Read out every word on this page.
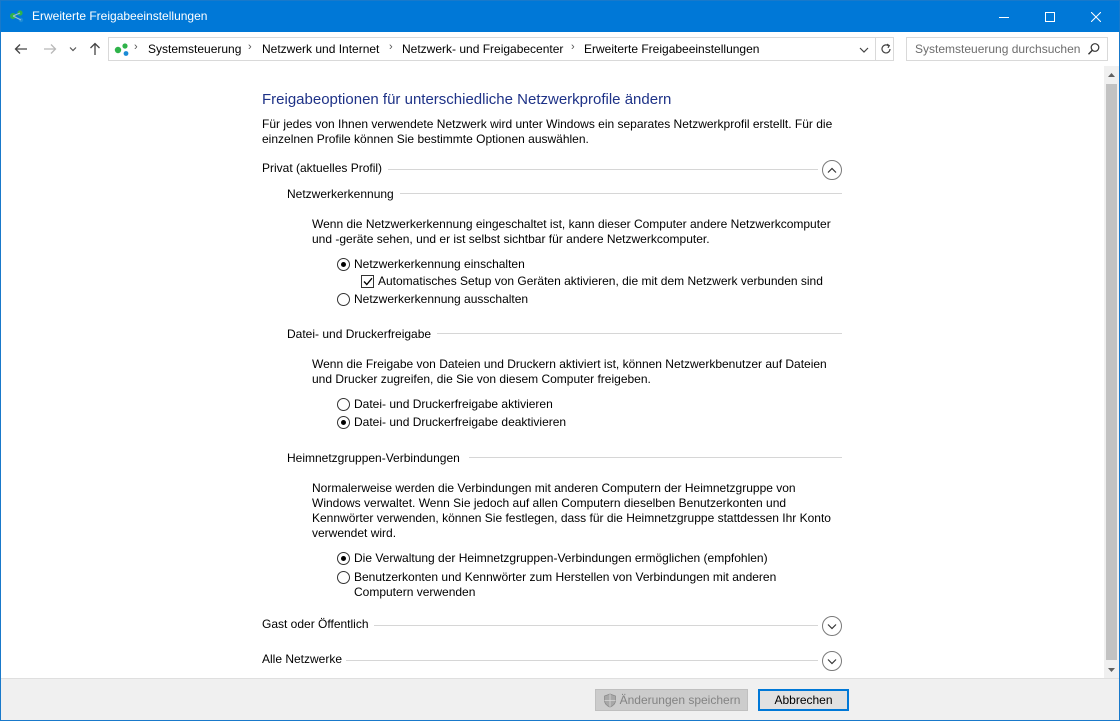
Erweiterte Freigabeeinstellungen
› Systemsteuerung › Netzwerk und Internet › Netzwerk- und Freigabecenter › Erweiterte Freigabeeinstellungen
Systemsteuerung durchsuchen
Freigabeoptionen für unterschiedliche Netzwerkprofile ändern
Für jedes von Ihnen verwendete Netzwerk wird unter Windows ein separates Netzwerkprofil erstellt. Für die
einzelnen Profile können Sie bestimmte Optionen auswählen.
Privat (aktuelles Profil)
Netzwerkerkennung
Wenn die Netzwerkerkennung eingeschaltet ist, kann dieser Computer andere Netzwerkcomputer
und -geräte sehen, und er ist selbst sichtbar für andere Netzwerkcomputer.
Netzwerkerkennung einschalten
Automatisches Setup von Geräten aktivieren, die mit dem Netzwerk verbunden sind
Netzwerkerkennung ausschalten
Datei- und Druckerfreigabe
Wenn die Freigabe von Dateien und Druckern aktiviert ist, können Netzwerkbenutzer auf Dateien
und Drucker zugreifen, die Sie von diesem Computer freigeben.
Datei- und Druckerfreigabe aktivieren
Datei- und Druckerfreigabe deaktivieren
Heimnetzgruppen-Verbindungen
Normalerweise werden die Verbindungen mit anderen Computern der Heimnetzgruppe von
Windows verwaltet. Wenn Sie jedoch auf allen Computern dieselben Benutzerkonten und
Kennwörter verwenden, können Sie festlegen, dass für die Heimnetzgruppe stattdessen Ihr Konto
verwendet wird.
Die Verwaltung der Heimnetzgruppen-Verbindungen ermöglichen (empfohlen)
Benutzerkonten und Kennwörter zum Herstellen von Verbindungen mit anderen
Computern verwenden
Gast oder Öffentlich
Alle Netzwerke
Änderungen speichern	Abbrechen
